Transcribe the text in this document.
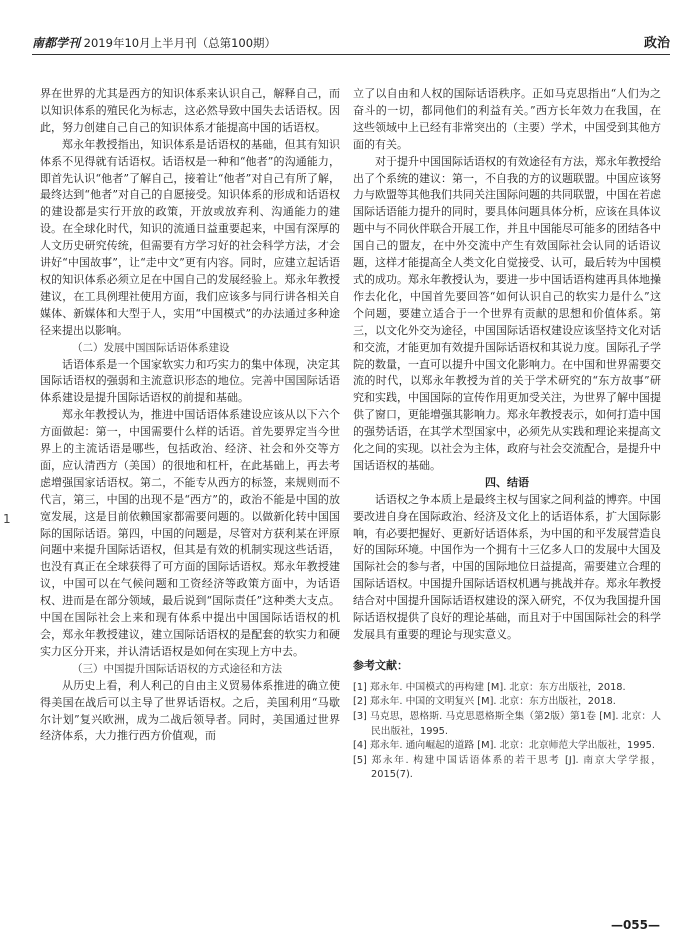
南都学刊 2019年10月上半月刊（总第100期）	政治

界在世界的尤其是西方的知识体系来认识自己，解释自己，而以知识体系的殖民化为标志，这必然导致中国失去话语权。因此，努力创建自己自己的知识体系才能提高中国的话语权。

郑永年教授指出，知识体系是话语权的基础，但其有知识体系不见得就有话语权。话语权是一种和“他者”的沟通能力，即首先认识“他者”了解自己，接着让“他者”对自己有所了解，最终达到“他者”对自己的自愿接受。知识体系的形成和话语权的建设都是实行开放的政策，开放或放弃利、沟通能力的建设。在全球化时代，知识的流通日益重要起来，中国有深厚的人文历史研究传统，但需要有方学习好的社会科学方法，才会讲好“中国故事”，让“走中文”更有内容。同时，应建立起话语权的知识体系必须立足在中国自己的发展经验上。郑永年教授建议，在工具例理社使用方面，我们应该多与同行讲各相关自媒体、新媒体和大型于人，实用“中国模式”的办法通过多种途径来提出以影响。

（二）发展中国国际话语体系建设

话语体系是一个国家软实力和巧实力的集中体现，决定其国际话语权的强弱和主流意识形态的地位。完善中国国际话语体系建设是提升国际话语权的前提和基础。

郑永年教授认为，推进中国话语体系建设应该从以下六个方面做起：第一，中国需要什么样的话语。首先要界定当今世界上的主流话语是哪些，包括政治、经济、社会和外交等方面，应认清西方（美国）的很地和杠杆，在此基础上，再去考虑增强国家话语权。第二，不能专从西方的标签，来规则而不代言，第三，中国的出现不是“西方”的，政治不能是中国的放宽发展，这是目前依赖国家都需要问题的。以做新化转中国国际的国际话语。第四，中国的问题是，尽管对方获利某在评原问题中来提升国际话语权，但其是有效的机制实现这些话语，也没有真正在全球获得了可方面的国际话语权。郑永年教授建议，中国可以在气候问题和工资经济等政策方面中，为话语权、进而是在部分领域，最后说到“国际责任”这种类大支点。中国在国际社会上来和现有体系中提出中国国际话语权的机会，郑永年教授建议，建立国际话语权的是配套的软实力和硬实力区分开来，并认清话语权是如何在实现上方中去。

（三）中国提升国际话语权的方式途径和方法

从历史上看，利人利己的自由主义贸易体系推进的确立使得美国在战后可以主导了世界话语权。之后，美国利用“马歇尔计划”复兴欧洲，成为二战后领导者。同时，美国通过世界经济体系，大力推行西方价值观，而

立了以自由和人权的国际话语秩序。正如马克思指出“人们为之奋斗的一切，都同他们的利益有关。”西方长年效力在我国，在这些领域中上已经有非常突出的（主要）学术，中国受到其他方面的有关。

对于提升中国国际话语权的有效途径有方法，郑永年教授给出了个系统的建议：第一，不自我的方的议题联盟。中国应该努力与欧盟等其他我们共同关注国际问题的共同联盟，中国在若虑国际话语能力提升的同时，要具体问题具体分析，应该在具体议题中与不同伙伴联合开展工作，并且中国能尽可能多的团结各中国自己的盟友，在中外交流中产生有效国际社会认同的话语议题，这样才能提高全人类文化自觉接受、认可，最后转为中国模式的成功。郑永年教授认为，要进一步中国话语构建再具体地操作去化化，中国首先要回答“如何认识自己的软实力是什么”这个问题，要建立适合于一个世界有贡献的思想和价值体系。第三，以文化外交为途径，中国国际话语权建设应该坚持文化对话和交流，才能更加有效提升国际话语权和其说力度。国际孔子学院的数量，一直可以提升中国文化影响力。在中国和世界需要交流的时代，以郑永年教授为首的关于学术研究的“东方故事”研究和实践，中国国际的宣传作用更加受关注，为世界了解中国提供了窗口，更能增强其影响力。郑永年教授表示，如何打造中国的强势话语，在其学术型国家中，必须先从实践和理论来提高文化之间的实现。以社会为主体，政府与社会交流配合，是提升中国话语权的基础。

四、结语

话语权之争本质上是最终主权与国家之间利益的博弈。中国要改进自身在国际政治、经济及文化上的话语体系，扩大国际影响，有必要把握好、更新好话语体系，为中国的和平发展营造良好的国际环境。中国作为一个拥有十三亿多人口的发展中大国及国际社会的参与者，中国的国际地位日益提高，需要建立合理的国际话语权。中国提升国际话语权机遇与挑战并存。郑永年教授结合对中国提升国际话语权建设的深入研究，不仅为我国提升国际话语权提供了良好的理论基础，而且对于中国国际社会的科学发展具有重要的理论与现实意义。

参考文献：
[1] 郑永年. 中国模式的再构建 [M]. 北京：东方出版社，2018.
[2] 郑永年. 中国的文明复兴 [M]. 北京：东方出版社，2018.
[3] 马克思，恩格斯. 马克思恩格斯全集（第2版）第1卷 [M]. 北京：人民出版社，1995.
[4] 郑永年. 通向崛起的道路 [M]. 北京：北京师范大学出版社，1995.
[5] 郑永年. 构建中国话语体系的若干思考 [J]. 南京大学学报，2015(7).
1
—055—
